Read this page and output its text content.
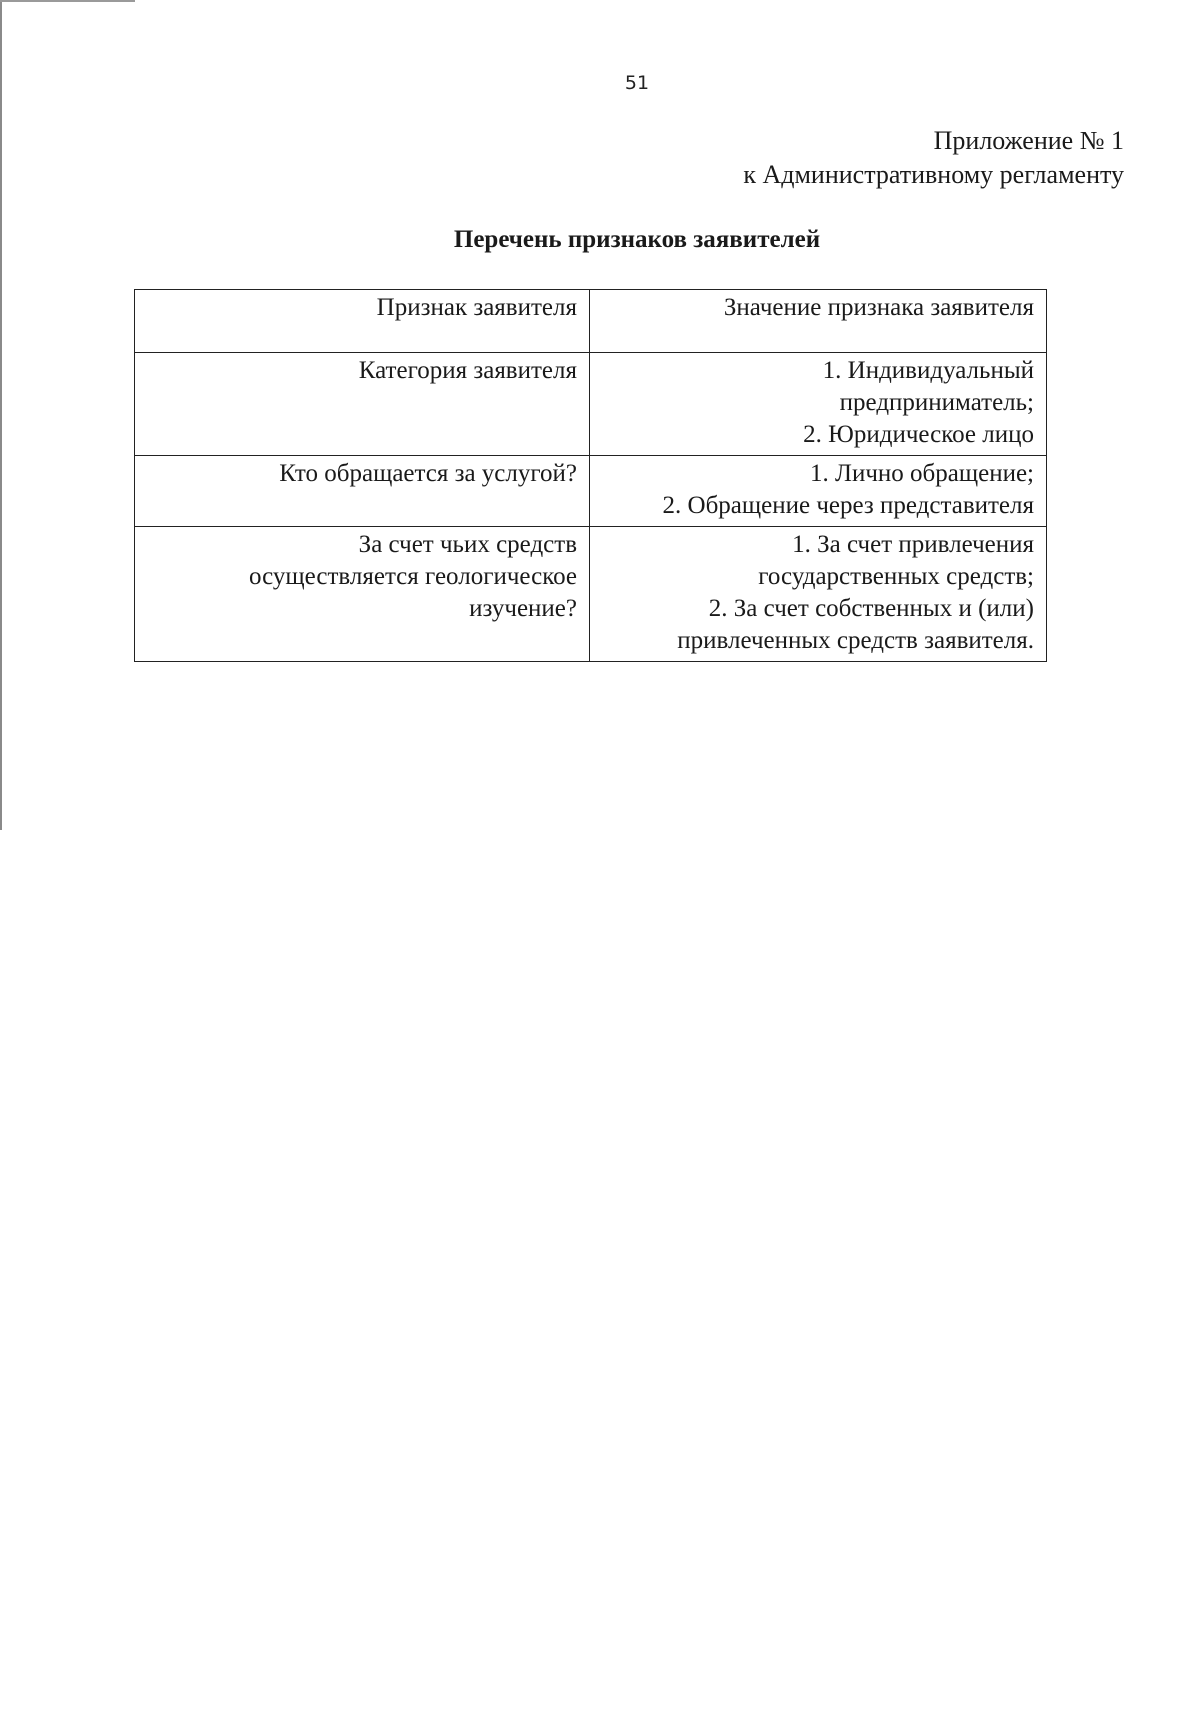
51
Приложение № 1
к Административному регламенту
Перечень признаков заявителей
Признак заявителя	Значение признака заявителя

Категория заявителя	1. Индивидуальный
предприниматель;
2. Юридическое лицо

Кто обращается за услугой?	1. Лично обращение;
2. Обращение через представителя

За счет чьих средств
осуществляется геологическое
изучение?	1. За счет привлечения
государственных средств;
2. За счет собственных и (или)
привлеченных средств заявителя.
